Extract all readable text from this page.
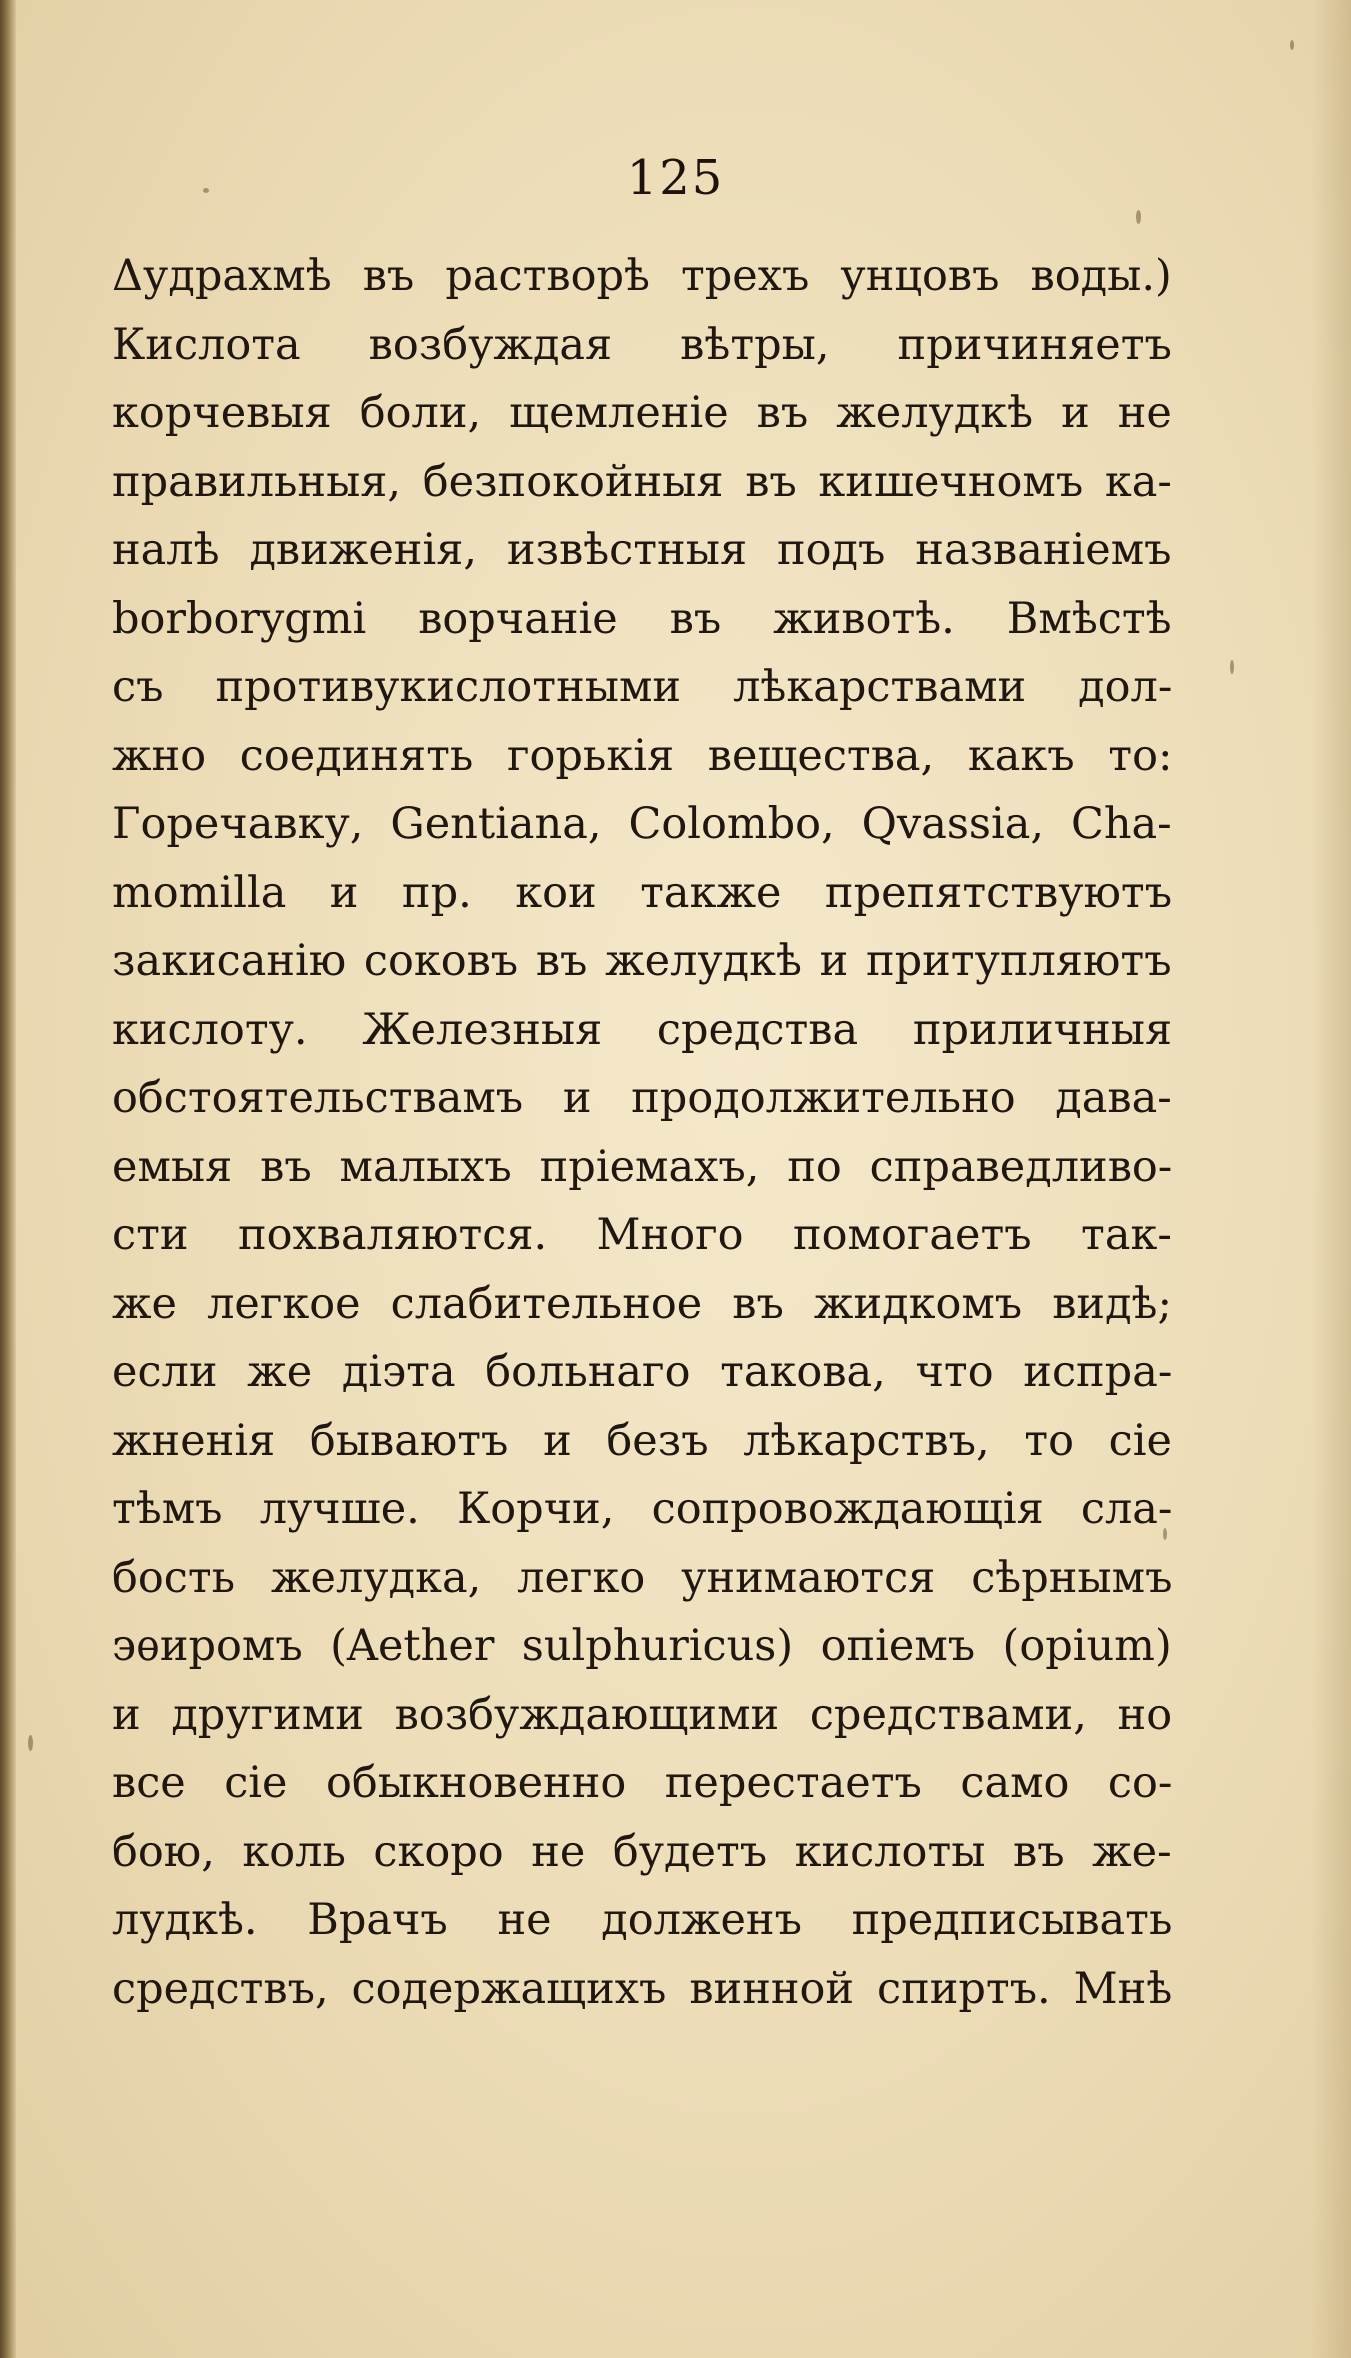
125
Δудрахмѣ въ растворѣ трехъ унцовъ воды.)
Кислота возбуждая вѣтры, причиняетъ
корчевыя боли, щемленіе въ желудкѣ и не
правильныя, безпокойныя въ кишечномъ ка-
налѣ движенія, извѣстныя подъ названіемъ
borborygmi ворчаніе въ животѣ. Вмѣстѣ
съ противукислотными лѣкарствами дол-
жно соединять горькія вещества, какъ то:
Горечавку, Gentiana, Colombo, Qvassia, Cha-
momilla и пр. кои также препятствуютъ
закисанію соковъ въ желудкѣ и притупляютъ
кислоту. Железныя средства приличныя
обстоятельствамъ и продолжительно дава-
емыя въ малыхъ пріемахъ, по справедливо-
сти похваляются. Много помогаетъ так-
же легкое слабительное въ жидкомъ видѣ;
если же діэта больнаго такова, что испра-
жненія бываютъ и безъ лѣкарствъ, то сіе
тѣмъ лучше. Корчи, сопровождающія сла-
бость желудка, легко унимаются сѣрнымъ
эѳиромъ (Aether sulphuricus) опіемъ (opium)
и другими возбуждающими средствами, но
все сіе обыкновенно перестаетъ само со-
бою, коль скоро не будетъ кислоты въ же-
лудкѣ. Врачъ не долженъ предписывать
средствъ, содержащихъ винной спиртъ. Мнѣ
